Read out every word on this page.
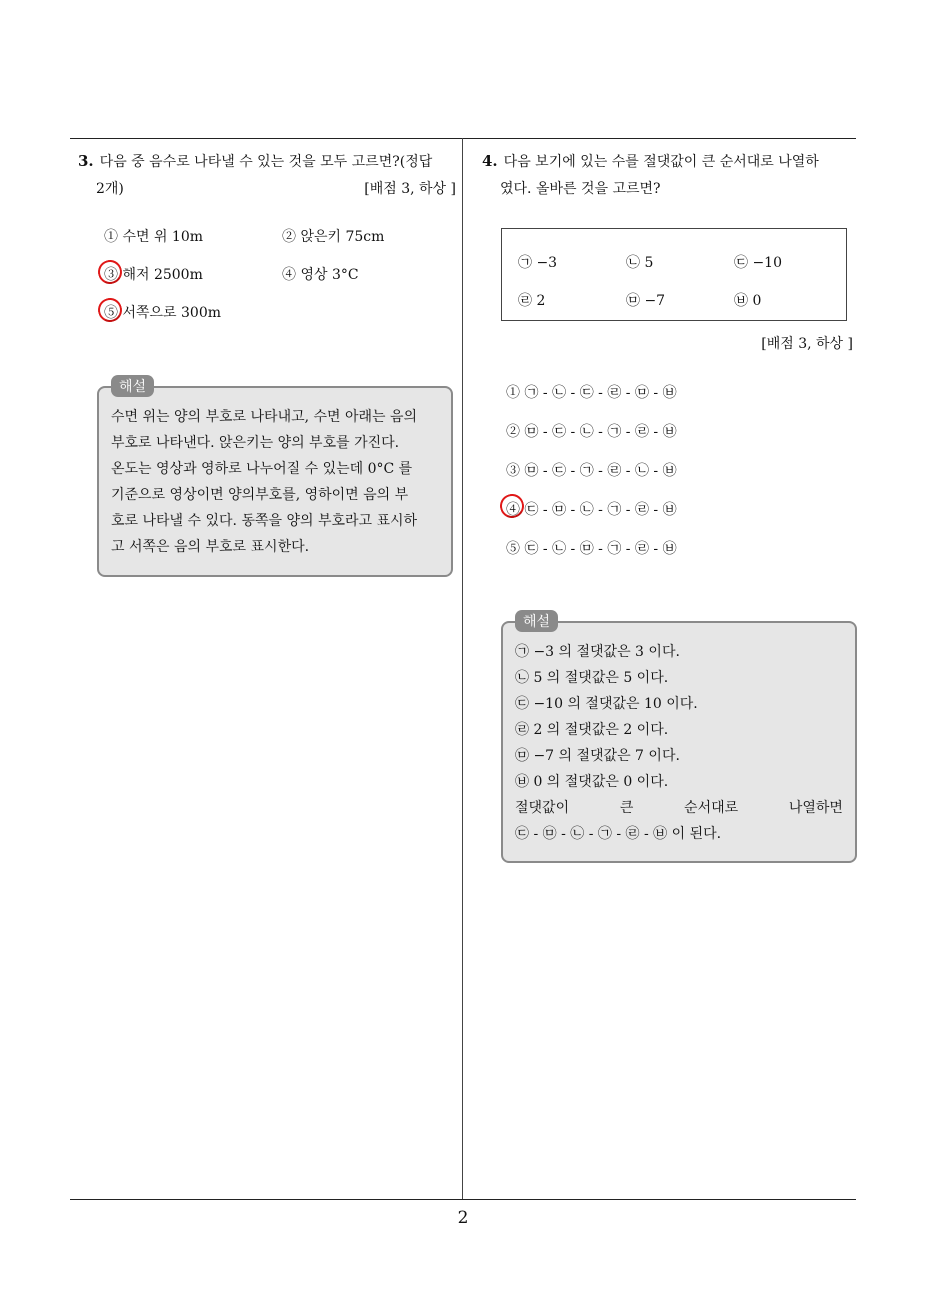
3. 다음 중 음수로 나타낼 수 있는 것을 모두 고르면?(정답
2개)	[배점 3, 하상 ]
① 수면 위 10m	② 앉은키 75cm
③ 해저 2500m	④ 영상 3°C
⑤ 서쪽으로 300m
해설
수면 위는 양의 부호로 나타내고, 수면 아래는 음의
부호로 나타낸다. 앉은키는 양의 부호를 가진다.
온도는 영상과 영하로 나누어질 수 있는데 0°C 를
기준으로 영상이면 양의부호를, 영하이면 음의 부
호로 나타낼 수 있다. 동쪽을 양의 부호라고 표시하
고 서쪽은 음의 부호로 표시한다.
4. 다음 보기에 있는 수를 절댓값이 큰 순서대로 나열하
였다. 올바른 것을 고르면?
㉠ −3	㉡ 5	㉢ −10
㉣ 2	㉤ −7	㉥ 0
[배점 3, 하상 ]
① ㉠ - ㉡ - ㉢ - ㉣ - ㉤ - ㉥
② ㉤ - ㉢ - ㉡ - ㉠ - ㉣ - ㉥
③ ㉤ - ㉢ - ㉠ - ㉣ - ㉡ - ㉥
④ ㉢ - ㉤ - ㉡ - ㉠ - ㉣ - ㉥
⑤ ㉢ - ㉡ - ㉤ - ㉠ - ㉣ - ㉥
해설
㉠ −3 의 절댓값은 3 이다.
㉡ 5 의 절댓값은 5 이다.
㉢ −10 의 절댓값은 10 이다.
㉣ 2 의 절댓값은 2 이다.
㉤ −7 의 절댓값은 7 이다.
㉥ 0 의 절댓값은 0 이다.
절댓값이	큰	순서대로	나열하면
㉢ - ㉤ - ㉡ - ㉠ - ㉣ - ㉥ 이 된다.
2
